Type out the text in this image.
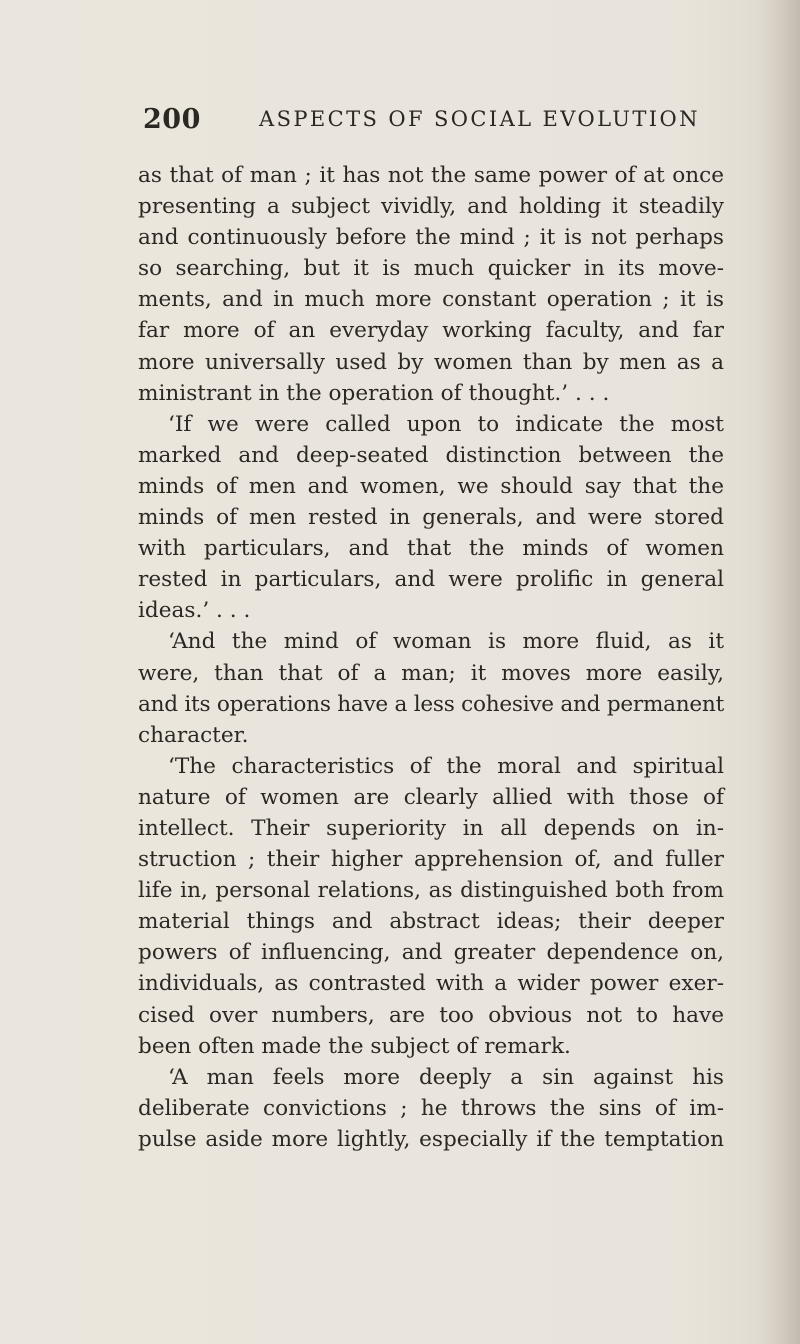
200	ASPECTS OF SOCIAL EVOLUTION
as that of man ; it has not the same power of at once
presenting a subject vividly, and holding it steadily
and continuously before the mind ; it is not perhaps
so searching, but it is much quicker in its move-
ments, and in much more constant operation ; it is
far more of an everyday working faculty, and far
more universally used by women than by men as a
ministrant in the operation of thought.’ . . .
‘If we were called upon to indicate the most
marked and deep-seated distinction between the
minds of men and women, we should say that the
minds of men rested in generals, and were stored
with particulars, and that the minds of women
rested in particulars, and were prolific in general
ideas.’ . . .
‘And the mind of woman is more fluid, as it
were, than that of a man; it moves more easily,
and its operations have a less cohesive and permanent
character.
‘The characteristics of the moral and spiritual
nature of women are clearly allied with those of
intellect. Their superiority in all depends on in-
struction ; their higher apprehension of, and fuller
life in, personal relations, as distinguished both from
material things and abstract ideas; their deeper
powers of influencing, and greater dependence on,
individuals, as contrasted with a wider power exer-
cised over numbers, are too obvious not to have
been often made the subject of remark.
‘A man feels more deeply a sin against his
deliberate convictions ; he throws the sins of im-
pulse aside more lightly, especially if the temptation
